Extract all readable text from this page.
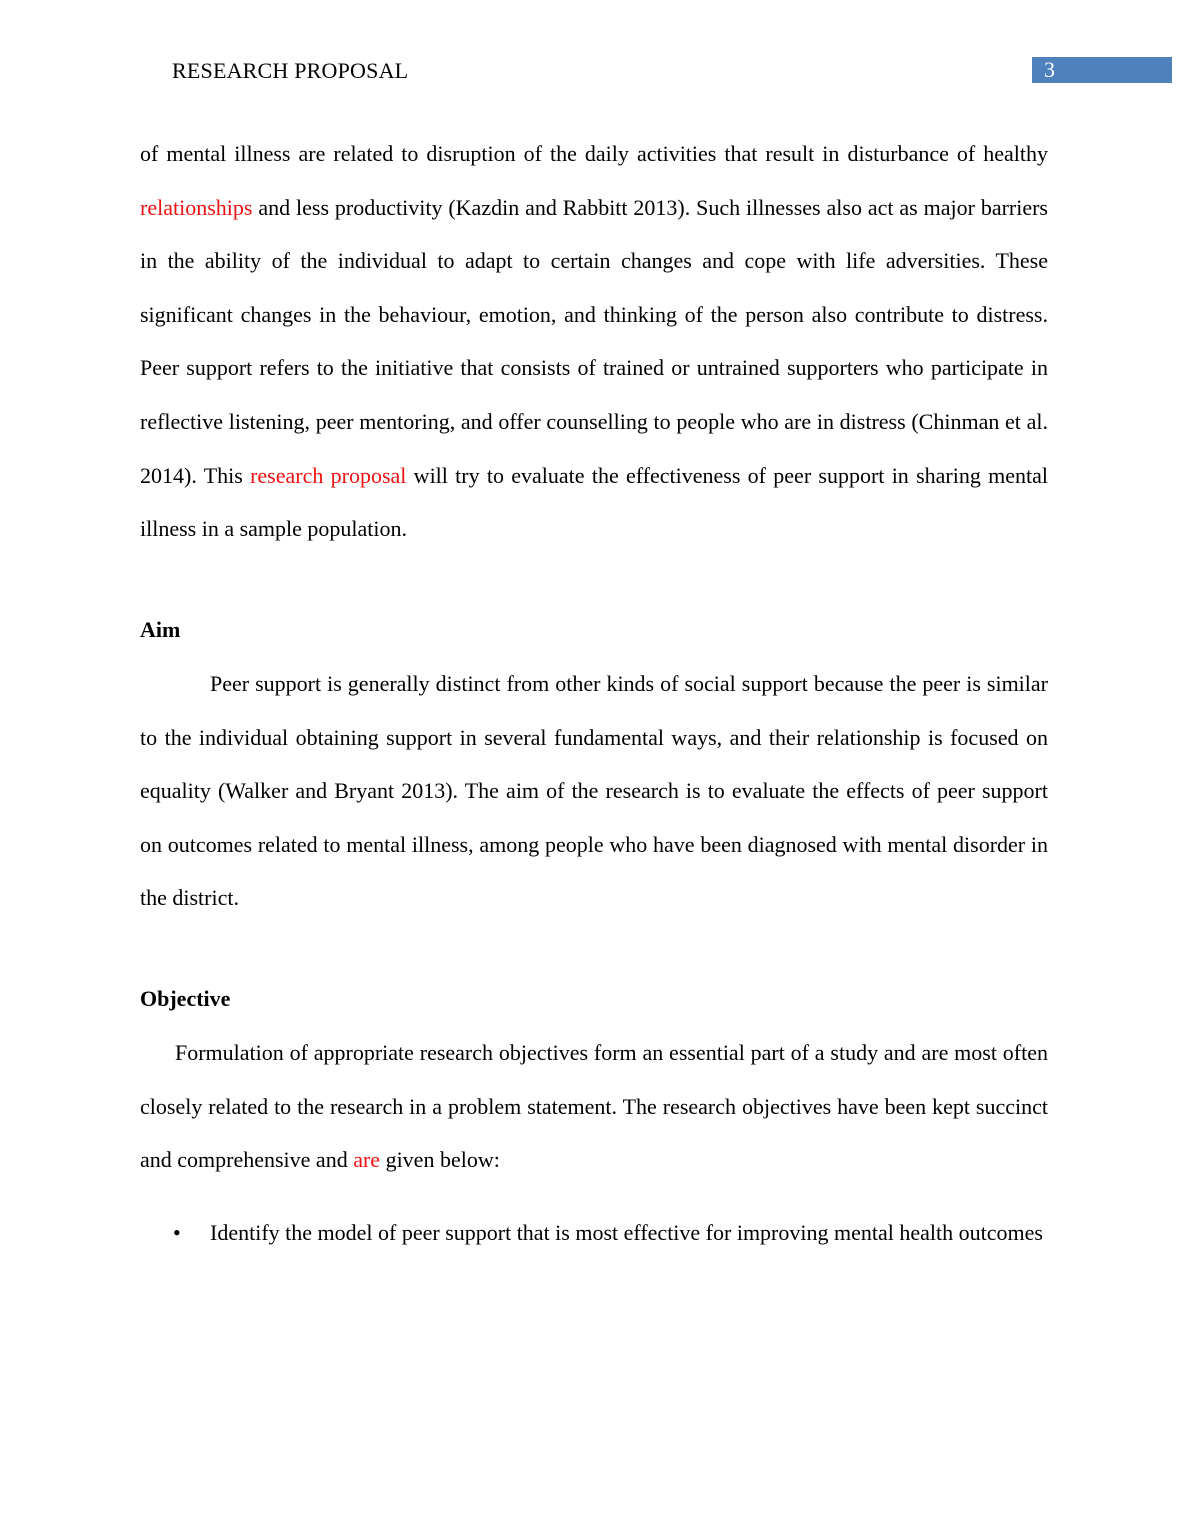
RESEARCH PROPOSAL	3

of mental illness are related to disruption of the daily activities that result in disturbance of healthy relationships and less productivity (Kazdin and Rabbitt 2013). Such illnesses also act as major barriers in the ability of the individual to adapt to certain changes and cope with life adversities. These significant changes in the behaviour, emotion, and thinking of the person also contribute to distress. Peer support refers to the initiative that consists of trained or untrained supporters who participate in reflective listening, peer mentoring, and offer counselling to people who are in distress (Chinman et al. 2014). This research proposal will try to evaluate the effectiveness of peer support in sharing mental illness in a sample population.

Aim

Peer support is generally distinct from other kinds of social support because the peer is similar to the individual obtaining support in several fundamental ways, and their relationship is focused on equality (Walker and Bryant 2013). The aim of the research is to evaluate the effects of peer support on outcomes related to mental illness, among people who have been diagnosed with mental disorder in the district.

Objective

Formulation of appropriate research objectives form an essential part of a study and are most often closely related to the research in a problem statement. The research objectives have been kept succinct and comprehensive and are given below:

• Identify the model of peer support that is most effective for improving mental health outcomes
